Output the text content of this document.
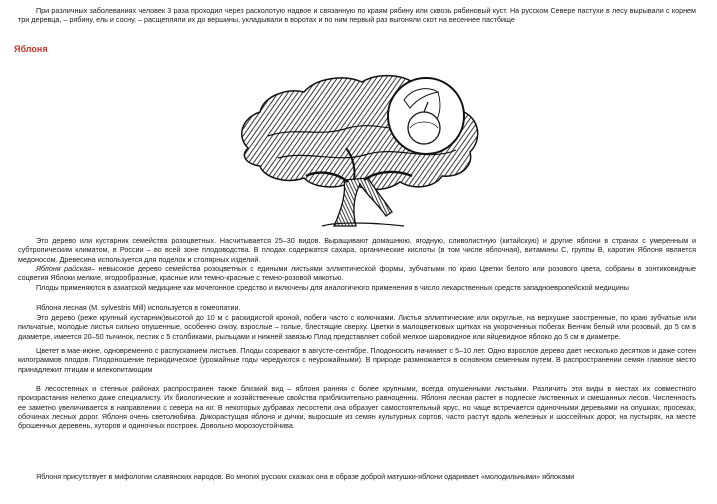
При различных заболеваниях человек 3 раза проходил через расколотую надвое и связанную по краям рябину или сквозь рябиновый куст. На русском Севере пастухи в лесу вырывали с корнем три деревца, – рябину, ель и сосну, – расщепляли их до вершины, укладывали в воротах и по ним первый раз выгоняли скот на весеннее пастбище

Яблоня

Это дерево или кустарник семейства розоцветных. Насчитывается 25–30 видов. Выращивают домашнюю, ягодную, сливолистную (китайскую) и другие яблони в странах с умеренным и субтропическим климатом, в России – во всей зоне плодоводства. В плодах содержатся сахара, органические кислоты (в том числе яблочная), витамины С, группы В, каротин Яблоня является медоносом. Древесина используется для поделок и столярных изделий.

Яблоня райская– невысокое дерево семейства розоцветных с едиными листьями эллиптической формы, зубчатыми по краю Цветки белого или розового цвета, собраны в зонтиковидные соцветия Яблоки мелкие, ягодообразные, красные или темно-красные с темно-розовой мякотью.

Плоды применяются в азиатской медицине как мочегонное средство и включены для аналогичного применения в число лекарственных средств западноевропейской медицины

Яблоня лесная (M. sylvestris Mill) используется в гомеопатии.

Это дерево (реже крупный кустарник)высотой до 10 м с раскидистой кроной, побеги часто с колючками. Листья эллиптические или округлые, на верхушке заостренные, по краю зубчатые или пильчатые, молодые листья сильно опушенные, особенно снизу, взрослые – голые, блестящие сверху. Цветки в малоцветковых щитках на укороченных побегах Венчик белый или розовый, до 5 см в диаметре, имеется 20–50 тычинок, пестик с 5 столбиками, рыльцами и нижней завязью Плод представляет собой мелкое шаровидное или яйцевидное яблоко до 5 см в диаметре.

Цветет в мае-июне, одновременно с распусканием листьев. Плоды созревают в августе-сентябре. Плодоносить начинает с 5–10 лет. Одно взрослое дерево дает несколько десятков и даже сотен килограммов плодов. Плодоношение периодическое (урожайные годы чередуются с неурожайными). В природе размножается в основном семенным путем. В распространении семян главное место принадлежит птицам и млекопитающим

В лесостепных и степных районах распространен также близкий вид – яблоня ранняя с более крупными, всегда опушенными листьями. Различить эти виды в местах их совместного произрастания нелегко даже специалисту. Их биологические и хозяйственные свойства приблизительно равноценны. Яблоня лесная растет в подлеске лиственных и смешанных лесов. Численность ее заметно увеличивается в направлении с севера на юг. В некоторых дубравах лесостепи она образует самостоятельный ярус, но чаще встречается одиночными деревьями на опушках, просеках, обочинах лесных дорог. Яблоня очень светолюбива. Дикорастущая яблоня и дички, выросшие из семян культурных сортов, часто растут вдоль железных и шоссейных дорог, на пустырях, на месте брошенных деревень, хуторов и одиночных построек. Довольно морозоустойчива.

Яблоня присутствует в мифологии славянских народов. Во многих русских сказках она в образе доброй матушки-яблони одаривает «молодильными» яблоками
